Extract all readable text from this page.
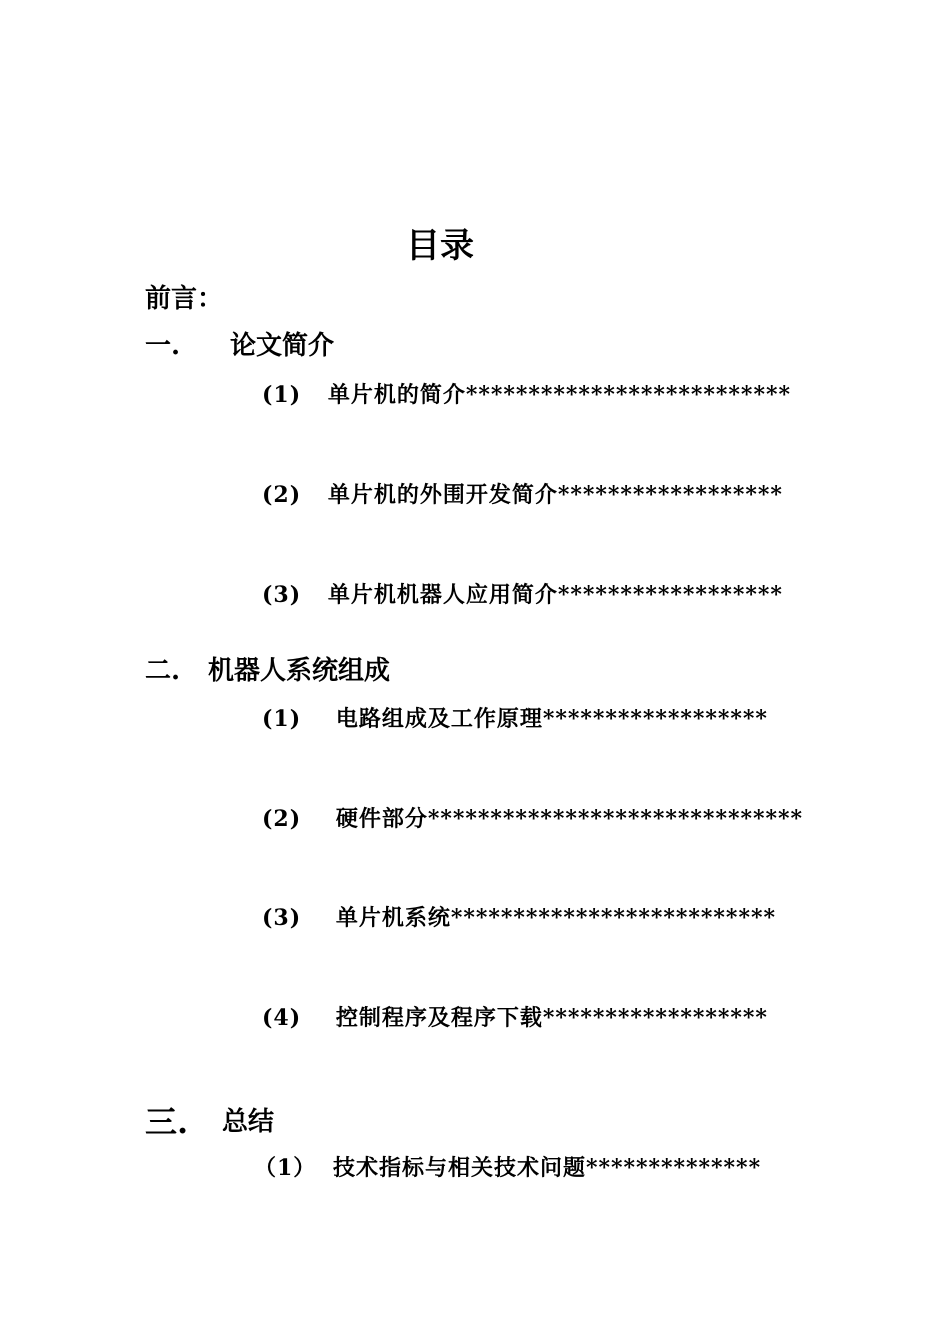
目录
前言：
一. 论文简介
(1) 单片机的简介**************************
(2) 单片机的外围开发简介******************
(3) 单片机机器人应用简介******************
二. 机器人系统组成
(1) 电路组成及工作原理******************
(2) 硬件部分******************************
(3) 单片机系统**************************
(4) 控制程序及程序下载******************
三. 总结
（1） 技术指标与相关技术问题**************
